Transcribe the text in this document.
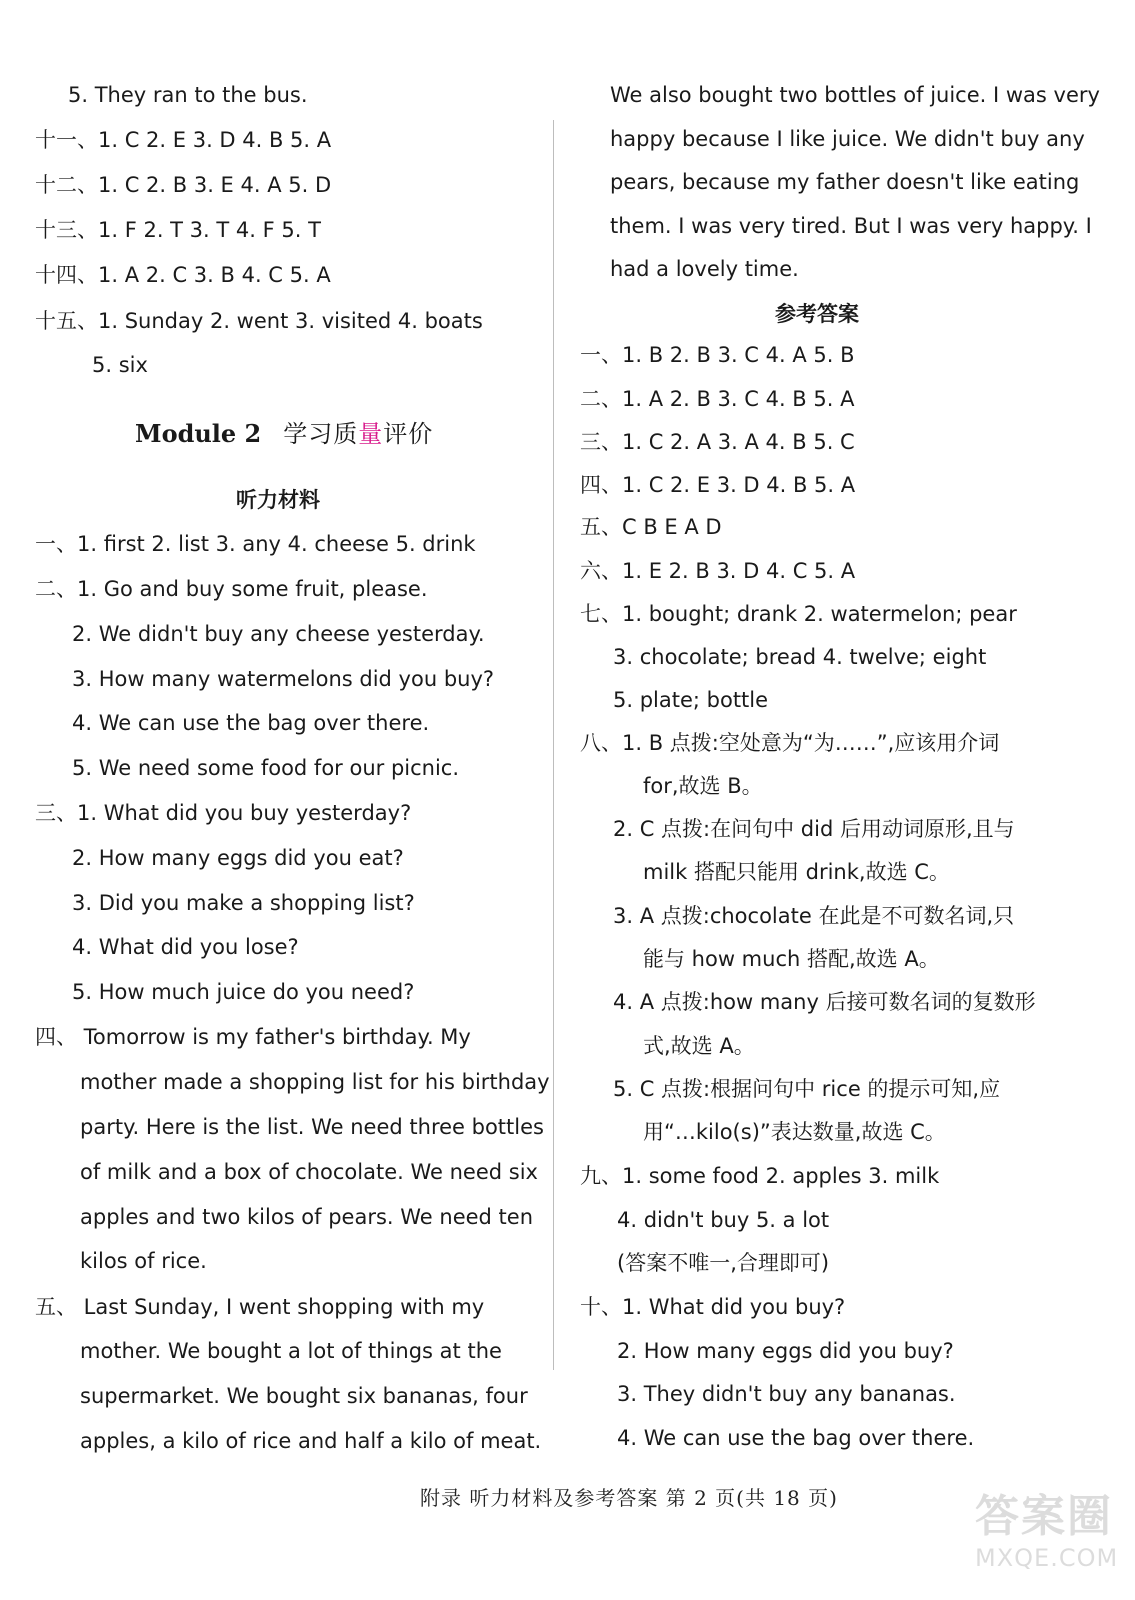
5. They ran to the bus.
十一、1. C 2. E 3. D 4. B 5. A
十二、1. C 2. B 3. E 4. A 5. D
十三、1. F 2. T 3. T 4. F 5. T
十四、1. A 2. C 3. B 4. C 5. A
十五、1. Sunday 2. went 3. visited 4. boats
5. six
Module 2 学习质量评价
听力材料
一、1. first 2. list 3. any 4. cheese 5. drink
二、1. Go and buy some fruit, please.
2. We didn't buy any cheese yesterday.
3. How many watermelons did you buy?
4. We can use the bag over there.
5. We need some food for our picnic.
三、1. What did you buy yesterday?
2. How many eggs did you eat?
3. Did you make a shopping list?
4. What did you lose?
5. How much juice do you need?
四、 Tomorrow is my father's birthday. My
mother made a shopping list for his birthday
party. Here is the list. We need three bottles
of milk and a box of chocolate. We need six
apples and two kilos of pears. We need ten
kilos of rice.
五、 Last Sunday, I went shopping with my
mother. We bought a lot of things at the
supermarket. We bought six bananas, four
apples, a kilo of rice and half a kilo of meat.
We also bought two bottles of juice. I was very
happy because I like juice. We didn't buy any
pears, because my father doesn't like eating
them. I was very tired. But I was very happy. I
had a lovely time.
参考答案
一、1. B 2. B 3. C 4. A 5. B
二、1. A 2. B 3. C 4. B 5. A
三、1. C 2. A 3. A 4. B 5. C
四、1. C 2. E 3. D 4. B 5. A
五、C B E A D
六、1. E 2. B 3. D 4. C 5. A
七、1. bought; drank 2. watermelon; pear
3. chocolate; bread 4. twelve; eight
5. plate; bottle
八、1. B 点拨:空处意为“为……”,应该用介词
for,故选 B。
2. C 点拨:在问句中 did 后用动词原形,且与
milk 搭配只能用 drink,故选 C。
3. A 点拨:chocolate 在此是不可数名词,只
能与 how much 搭配,故选 A。
4. A 点拨:how many 后接可数名词的复数形
式,故选 A。
5. C 点拨:根据问句中 rice 的提示可知,应
用“…kilo(s)”表达数量,故选 C。
九、1. some food 2. apples 3. milk
4. didn't buy 5. a lot
(答案不唯一,合理即可)
十、1. What did you buy?
2. How many eggs did you buy?
3. They didn't buy any bananas.
4. We can use the bag over there.
附录 听力材料及参考答案 第 2 页(共 18 页)	答案圈
MXQE.COM
